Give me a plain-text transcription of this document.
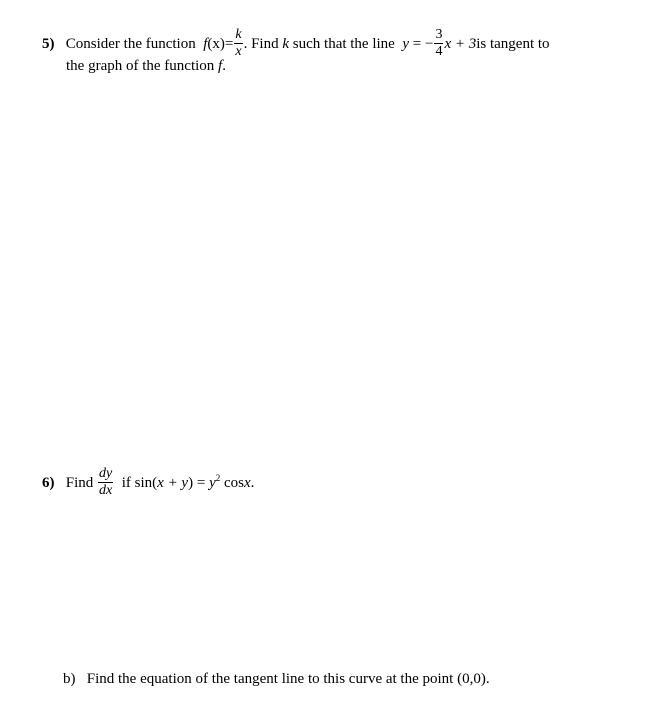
5) Consider the function $f(x)= \frac{k}{x}$ . Find k such that the line y = − $\frac{3}{4}$ x + 3is tangent to
the graph of the function f.
6) Find $\frac{dy}{dx}$ if $\sin(x + y) = y^2$ cosx.
b) Find the equation of the tangent line to this curve at the point (0,0).
